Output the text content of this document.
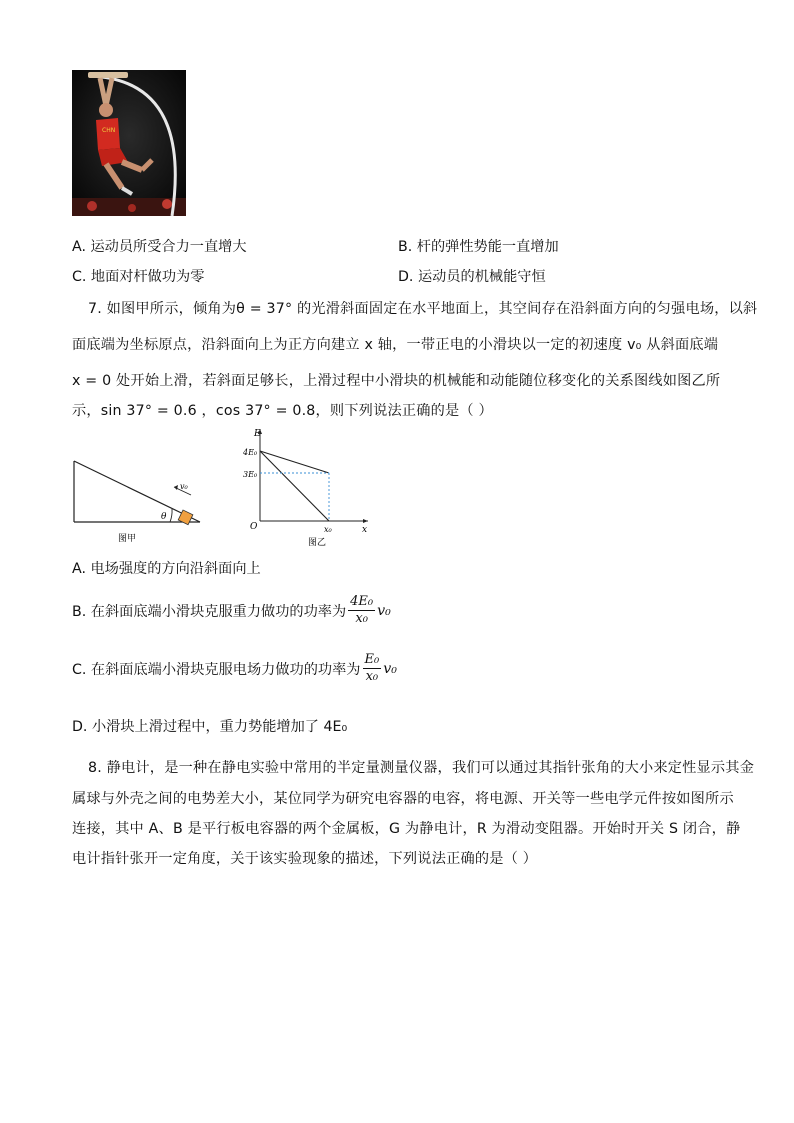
CHN
A. 运动员所受合力一直增大	B. 杆的弹性势能一直增加
C. 地面对杆做功为零	D. 运动员的机械能守恒
7. 如图甲所示，倾角为θ = 37° 的光滑斜面固定在水平地面上，其空间存在沿斜面方向的匀强电场，以斜
面底端为坐标原点，沿斜面向上为正方向建立 x 轴，一带正电的小滑块以一定的初速度 v₀ 从斜面底端
x = 0 处开始上滑，若斜面足够长，上滑过程中小滑块的机械能和动能随位移变化的关系图线如图乙所
示，sin 37° = 0.6 ，cos 37° = 0.8，则下列说法正确的是（ ）
v₀
θ
图甲
E
4E₀
3E₀
O	x₀	x
图乙
A. 电场强度的方向沿斜面向上
B. 在斜面底端小滑块克服重力做功的功率为 $\frac{\text{4E₀}}{\text{x₀}} v_0$
C. 在斜面底端小滑块克服电场力做功的功率为 $\frac{\text{E₀}}{\text{x₀}} v_0$
D. 小滑块上滑过程中，重力势能增加了 4E₀
8. 静电计，是一种在静电实验中常用的半定量测量仪器，我们可以通过其指针张角的大小来定性显示其金
属球与外壳之间的电势差大小，某位同学为研究电容器的电容，将电源、开关等一些电学元件按如图所示
连接，其中 A、B 是平行板电容器的两个金属板，G 为静电计，R 为滑动变阻器。开始时开关 S 闭合，静
电计指针张开一定角度，关于该实验现象的描述，下列说法正确的是（ ）
